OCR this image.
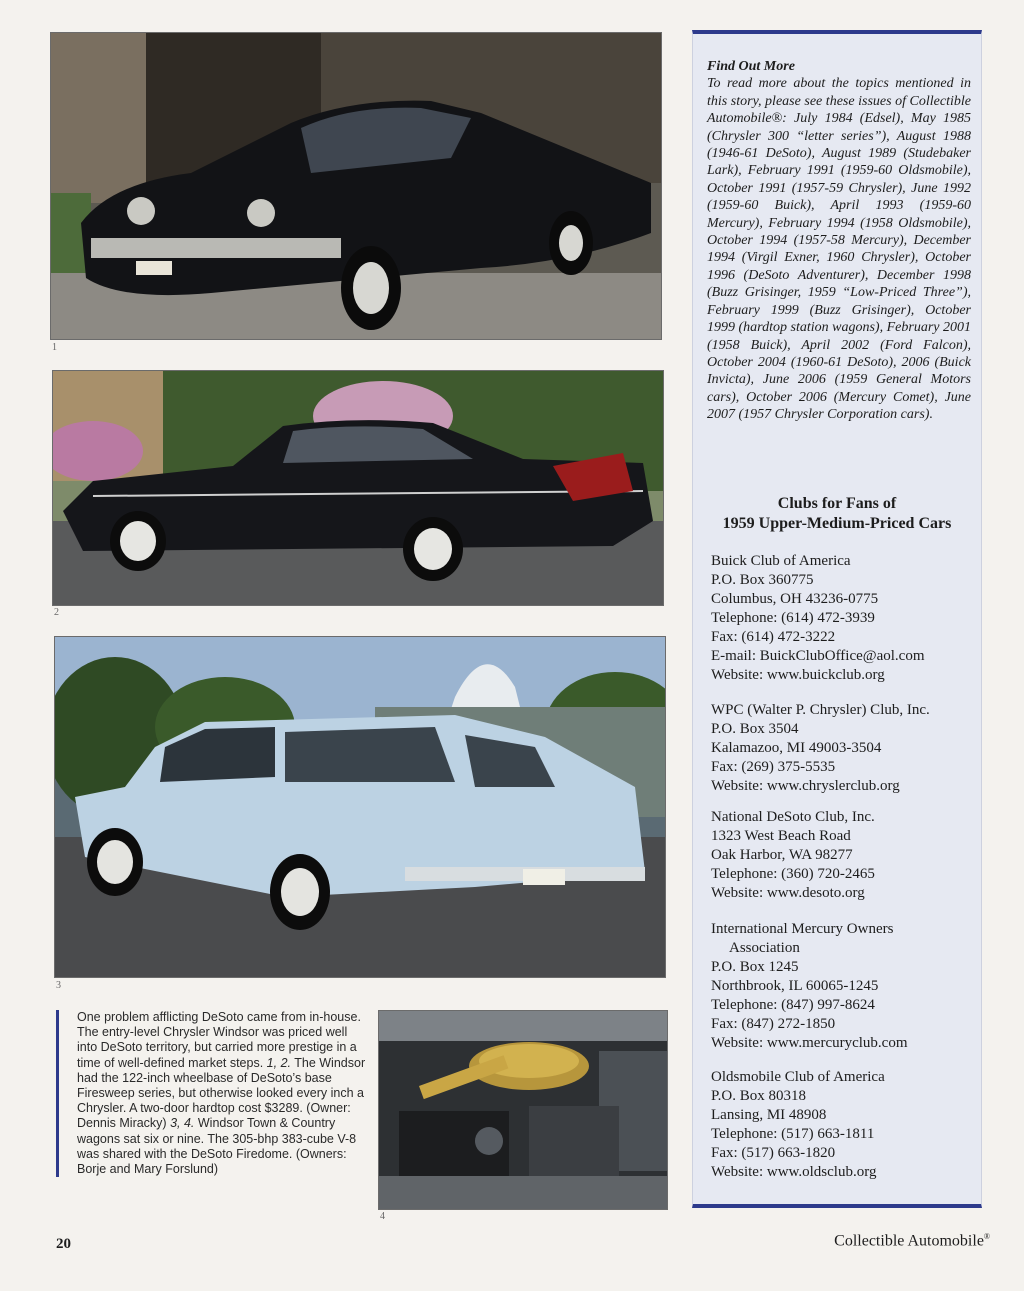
1
2
3
4
One problem afflicting DeSoto came from in-house. The entry-level Chrysler Windsor was priced well into DeSoto territory, but carried more prestige in a time of well-defined market steps. 1, 2. The Windsor had the 122-inch wheelbase of DeSoto’s base Firesweep series, but otherwise looked every inch a Chrysler. A two-door hardtop cost $3289. (Owner: Dennis Miracky) 3, 4. Windsor Town & Country wagons sat six or nine. The 305-bhp 383-cube V-8 was shared with the DeSoto Firedome. (Owners: Borje and Mary Forslund)
Find Out More
To read more about the topics mentioned in this story, please see these issues of Collectible Automobile®: July 1984 (Edsel), May 1985 (Chrysler 300 “letter series”), August 1988 (1946-61 DeSoto), August 1989 (Studebaker Lark), February 1991 (1959-60 Oldsmobile), October 1991 (1957-59 Chrysler), June 1992 (1959-60 Buick), April 1993 (1959-60 Mercury), February 1994 (1958 Oldsmobile), October 1994 (1957-58 Mercury), December 1994 (Virgil Exner, 1960 Chrysler), October 1996 (DeSoto Adventurer), December 1998 (Buzz Grisinger, 1959 “Low-Priced Three”), February 1999 (Buzz Grisinger), October 1999 (hardtop station wagons), February 2001 (1958 Buick), April 2002 (Ford Falcon), October 2004 (1960-61 DeSoto), 2006 (Buick Invicta), June 2006 (1959 General Motors cars), October 2006 (Mercury Comet), June 2007 (1957 Chrysler Corporation cars).
Clubs for Fans of
1959 Upper-Medium-Priced Cars
Buick Club of America
P.O. Box 360775
Columbus, OH 43236-0775
Telephone: (614) 472-3939
Fax: (614) 472-3222
E-mail: BuickClubOffice@aol.com
Website: www.buickclub.org
WPC (Walter P. Chrysler) Club, Inc.
P.O. Box 3504
Kalamazoo, MI 49003-3504
Fax: (269) 375-5535
Website: www.chryslerclub.org
National DeSoto Club, Inc.
1323 West Beach Road
Oak Harbor, WA 98277
Telephone: (360) 720-2465
Website: www.desoto.org
International Mercury Owners
Association
P.O. Box 1245
Northbrook, IL 60065-1245
Telephone: (847) 997-8624
Fax: (847) 272-1850
Website: www.mercuryclub.com
Oldsmobile Club of America
P.O. Box 80318
Lansing, MI 48908
Telephone: (517) 663-1811
Fax: (517) 663-1820
Website: www.oldsclub.org
20	Collectible Automobile®
